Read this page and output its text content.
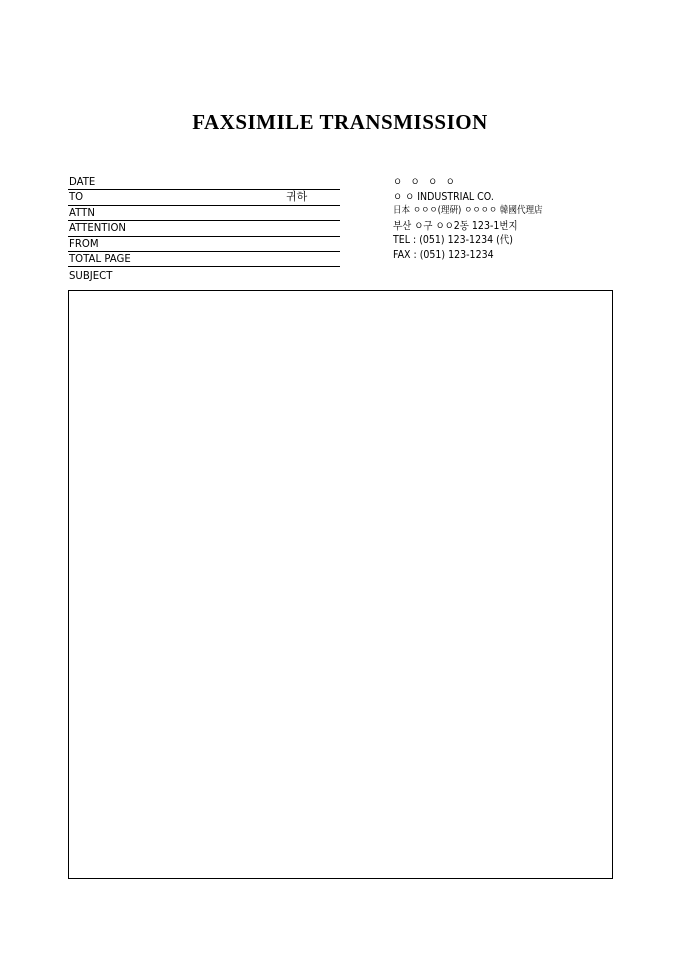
FAXSIMILE TRANSMISSION
DATE
TO	귀하
ATTN
ATTENTION
FROM
TOTAL PAGE
SUBJECT
ㅇ ㅇ ㅇ ㅇ
ㅇ ㅇ INDUSTRIAL CO.
日本 ㅇㅇㅇ(理硏) ㅇㅇㅇㅇ 韓國代理店
부산 ㅇ구 ㅇㅇ2동 123-1번지
TEL : (051) 123-1234 (代)
FAX : (051) 123-1234
